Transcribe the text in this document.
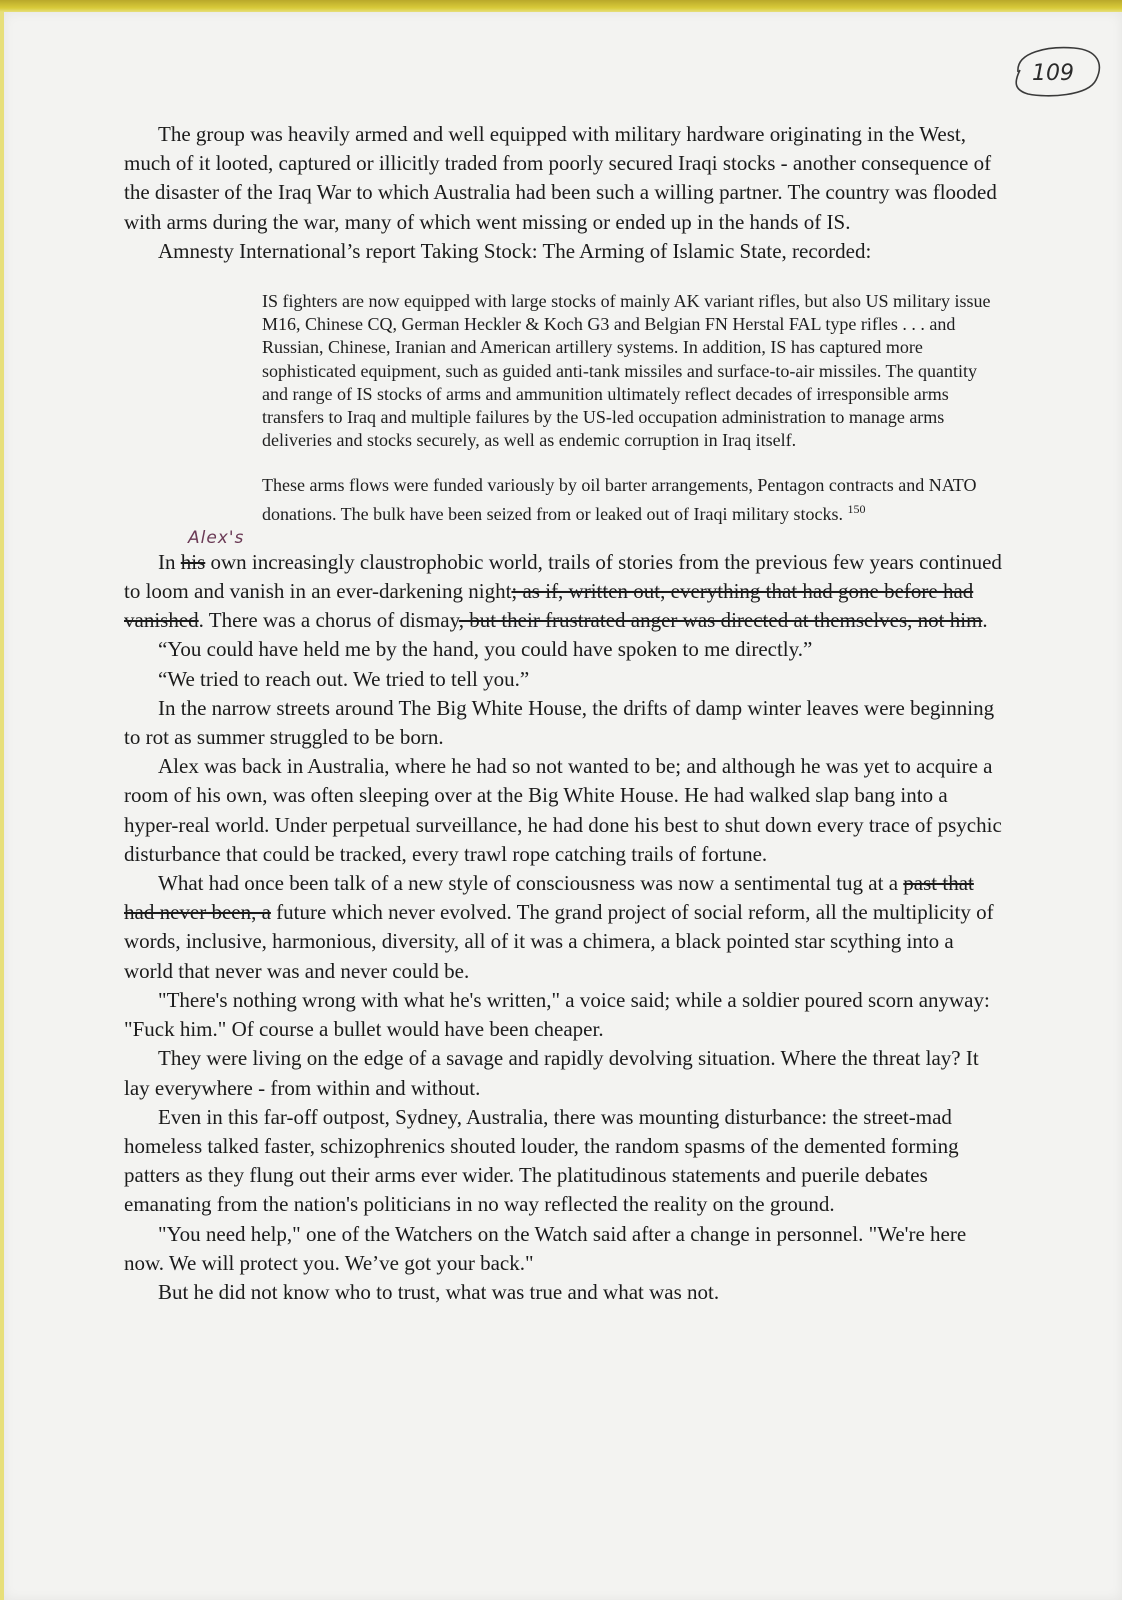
109

The group was heavily armed and well equipped with military hardware originating in the West, much of it looted, captured or illicitly traded from poorly secured Iraqi stocks - another consequence of the disaster of the Iraq War to which Australia had been such a willing partner. The country was flooded with arms during the war, many of which went missing or ended up in the hands of IS.

Amnesty International’s report Taking Stock: The Arming of Islamic State, recorded:

IS fighters are now equipped with large stocks of mainly AK variant rifles, but also US military issue M16, Chinese CQ, German Heckler & Koch G3 and Belgian FN Herstal FAL type rifles . . . and Russian, Chinese, Iranian and American artillery systems. In addition, IS has captured more sophisticated equipment, such as guided anti-tank missiles and surface-to-air missiles. The quantity and range of IS stocks of arms and ammunition ultimately reflect decades of irresponsible arms transfers to Iraq and multiple failures by the US-led occupation administration to manage arms deliveries and stocks securely, as well as endemic corruption in Iraq itself.

These arms flows were funded variously by oil barter arrangements, Pentagon contracts and NATO donations. The bulk have been seized from or leaked out of Iraqi military stocks. $^{150}$

Alex's
In his own increasingly claustrophobic world, trails of stories from the previous few years continued to loom and vanish in an ever-darkening night; as if, written out, everything that had gone before had vanished. There was a chorus of dismay, but their frustrated anger was directed at themselves, not him.

“You could have held me by the hand, you could have spoken to me directly.”

“We tried to reach out. We tried to tell you.”

In the narrow streets around The Big White House, the drifts of damp winter leaves were beginning to rot as summer struggled to be born.

Alex was back in Australia, where he had so not wanted to be; and although he was yet to acquire a room of his own, was often sleeping over at the Big White House. He had walked slap bang into a hyper-real world. Under perpetual surveillance, he had done his best to shut down every trace of psychic disturbance that could be tracked, every trawl rope catching trails of fortune.

What had once been talk of a new style of consciousness was now a sentimental tug at a past that had never been, a future which never evolved. The grand project of social reform, all the multiplicity of words, inclusive, harmonious, diversity, all of it was a chimera, a black pointed star scything into a world that never was and never could be.

"There's nothing wrong with what he's written," a voice said; while a soldier poured scorn anyway: "Fuck him." Of course a bullet would have been cheaper.

They were living on the edge of a savage and rapidly devolving situation. Where the threat lay? It lay everywhere - from within and without.

Even in this far-off outpost, Sydney, Australia, there was mounting disturbance: the street-mad homeless talked faster, schizophrenics shouted louder, the random spasms of the demented forming patters as they flung out their arms ever wider. The platitudinous statements and puerile debates emanating from the nation's politicians in no way reflected the reality on the ground.

"You need help," one of the Watchers on the Watch said after a change in personnel. "We're here now. We will protect you. We’ve got your back."

But he did not know who to trust, what was true and what was not.
